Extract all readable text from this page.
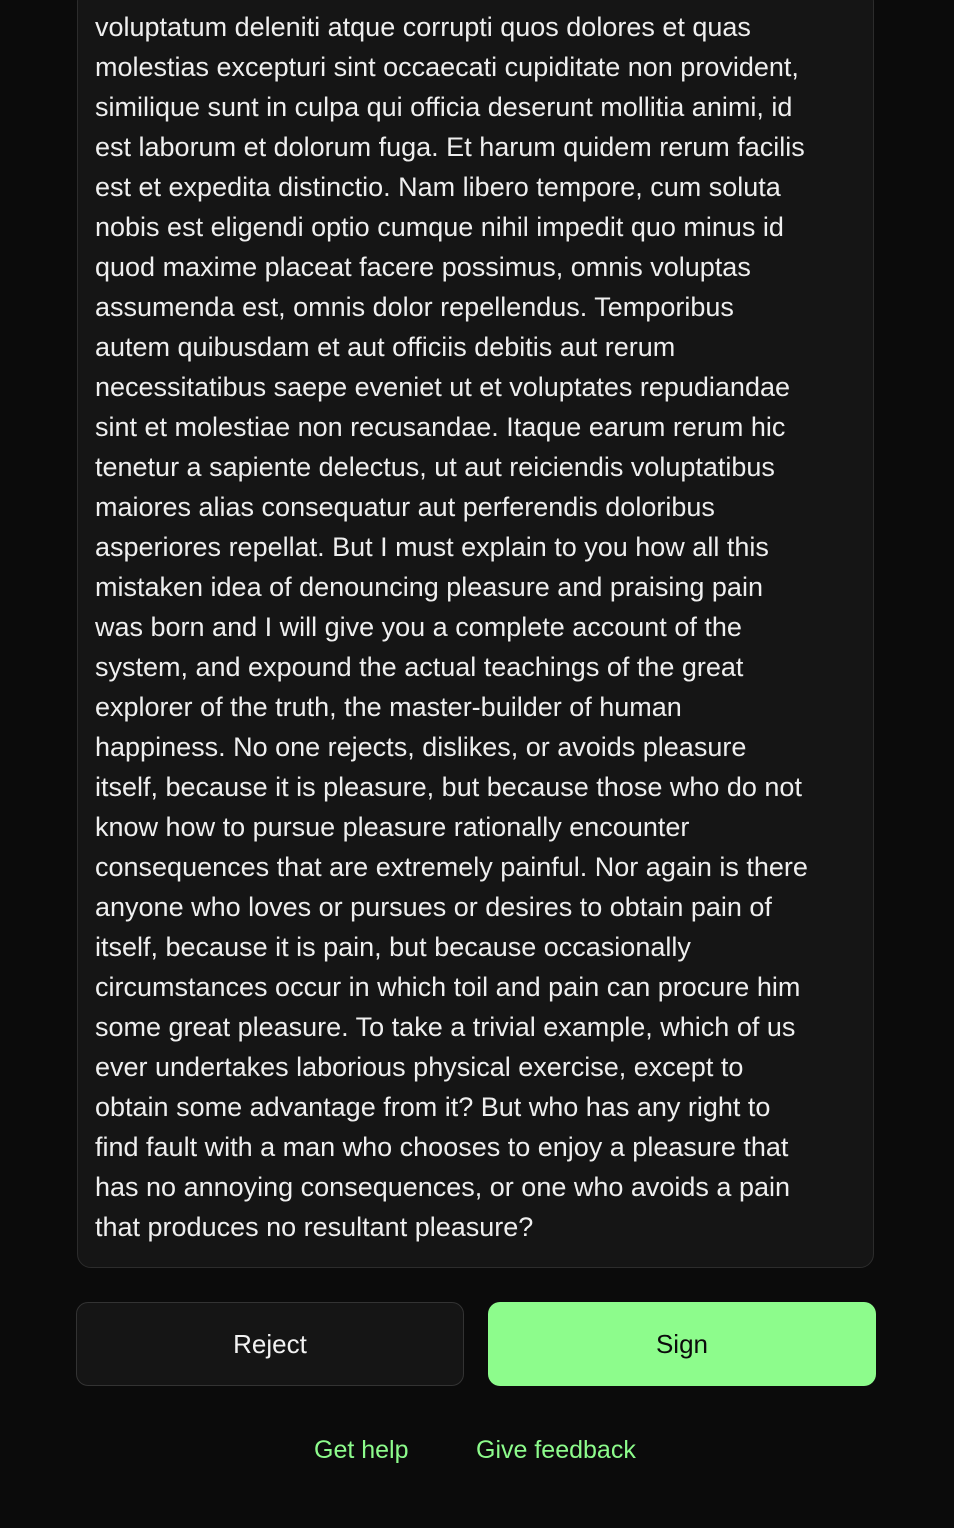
voluptatum deleniti atque corrupti quos dolores et quas
molestias excepturi sint occaecati cupiditate non provident,
similique sunt in culpa qui officia deserunt mollitia animi, id
est laborum et dolorum fuga. Et harum quidem rerum facilis
est et expedita distinctio. Nam libero tempore, cum soluta
nobis est eligendi optio cumque nihil impedit quo minus id
quod maxime placeat facere possimus, omnis voluptas
assumenda est, omnis dolor repellendus. Temporibus
autem quibusdam et aut officiis debitis aut rerum
necessitatibus saepe eveniet ut et voluptates repudiandae
sint et molestiae non recusandae. Itaque earum rerum hic
tenetur a sapiente delectus, ut aut reiciendis voluptatibus
maiores alias consequatur aut perferendis doloribus
asperiores repellat. But I must explain to you how all this
mistaken idea of denouncing pleasure and praising pain
was born and I will give you a complete account of the
system, and expound the actual teachings of the great
explorer of the truth, the master-builder of human
happiness. No one rejects, dislikes, or avoids pleasure
itself, because it is pleasure, but because those who do not
know how to pursue pleasure rationally encounter
consequences that are extremely painful. Nor again is there
anyone who loves or pursues or desires to obtain pain of
itself, because it is pain, but because occasionally
circumstances occur in which toil and pain can procure him
some great pleasure. To take a trivial example, which of us
ever undertakes laborious physical exercise, except to
obtain some advantage from it? But who has any right to
find fault with a man who chooses to enjoy a pleasure that
has no annoying consequences, or one who avoids a pain
that produces no resultant pleasure?

Reject	Sign
Get help	Give feedback
